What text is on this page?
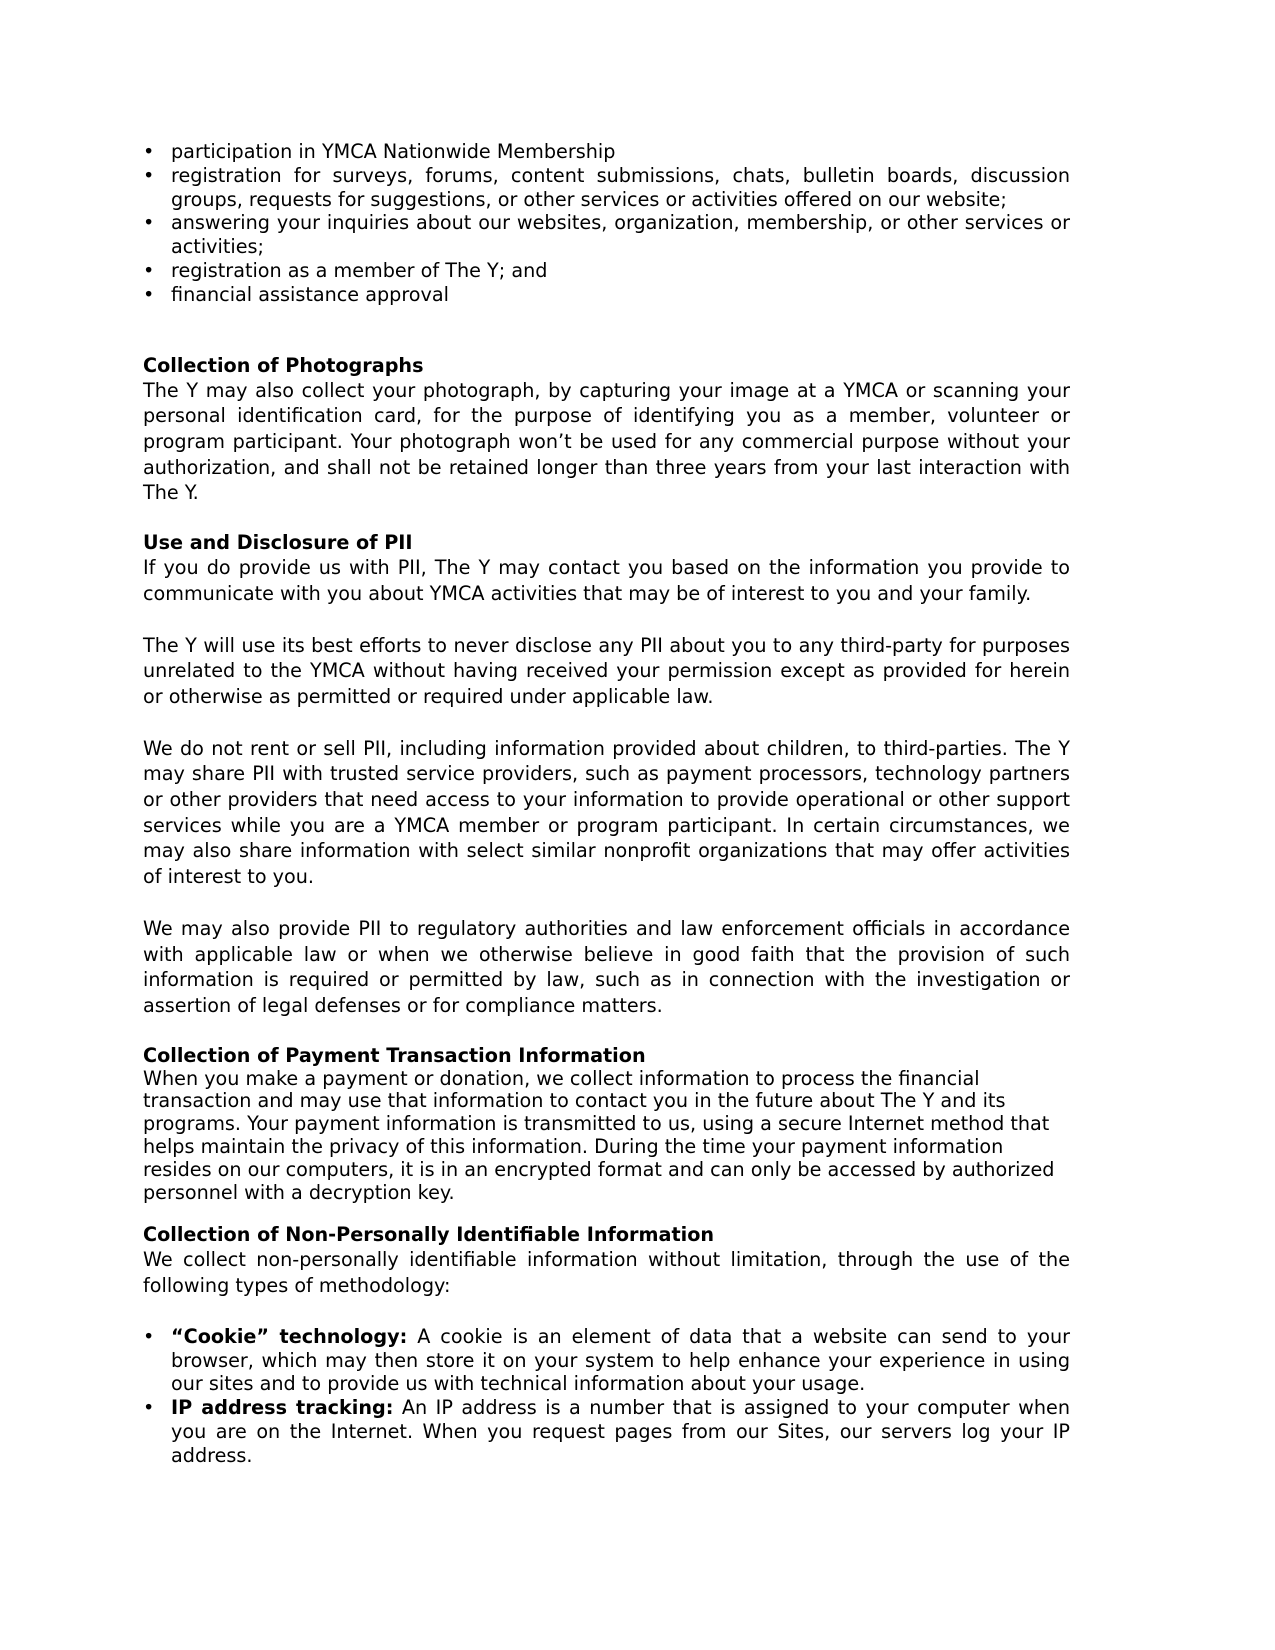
• participation in YMCA Nationwide Membership
• registration for surveys, forums, content submissions, chats, bulletin boards, discussion groups, requests for suggestions, or other services or activities offered on our website;
• answering your inquiries about our websites, organization, membership, or other services or activities;
• registration as a member of The Y; and
• financial assistance approval
Collection of Photographs

The Y may also collect your photograph, by capturing your image at a YMCA or scanning your personal identification card, for the purpose of identifying you as a member, volunteer or program participant. Your photograph won’t be used for any commercial purpose without your authorization, and shall not be retained longer than three years from your last interaction with The Y.

Use and Disclosure of PII

If you do provide us with PII, The Y may contact you based on the information you provide to communicate with you about YMCA activities that may be of interest to you and your family.

The Y will use its best efforts to never disclose any PII about you to any third-party for purposes unrelated to the YMCA without having received your permission except as provided for herein or otherwise as permitted or required under applicable law.

We do not rent or sell PII, including information provided about children, to third-parties. The Y may share PII with trusted service providers, such as payment processors, technology partners or other providers that need access to your information to provide operational or other support services while you are a YMCA member or program participant. In certain circumstances, we may also share information with select similar nonprofit organizations that may offer activities of interest to you.

We may also provide PII to regulatory authorities and law enforcement officials in accordance with applicable law or when we otherwise believe in good faith that the provision of such information is required or permitted by law, such as in connection with the investigation or assertion of legal defenses or for compliance matters.

Collection of Payment Transaction Information

When you make a payment or donation, we collect information to process the financial transaction and may use that information to contact you in the future about The Y and its programs. Your payment information is transmitted to us, using a secure Internet method that helps maintain the privacy of this information. During the time your payment information resides on our computers, it is in an encrypted format and can only be accessed by authorized personnel with a decryption key.

Collection of Non-Personally Identifiable Information

We collect non-personally identifiable information without limitation, through the use of the following types of methodology:

• “Cookie” technology: A cookie is an element of data that a website can send to your browser, which may then store it on your system to help enhance your experience in using our sites and to provide us with technical information about your usage.
• IP address tracking: An IP address is a number that is assigned to your computer when you are on the Internet. When you request pages from our Sites, our servers log your IP address.
